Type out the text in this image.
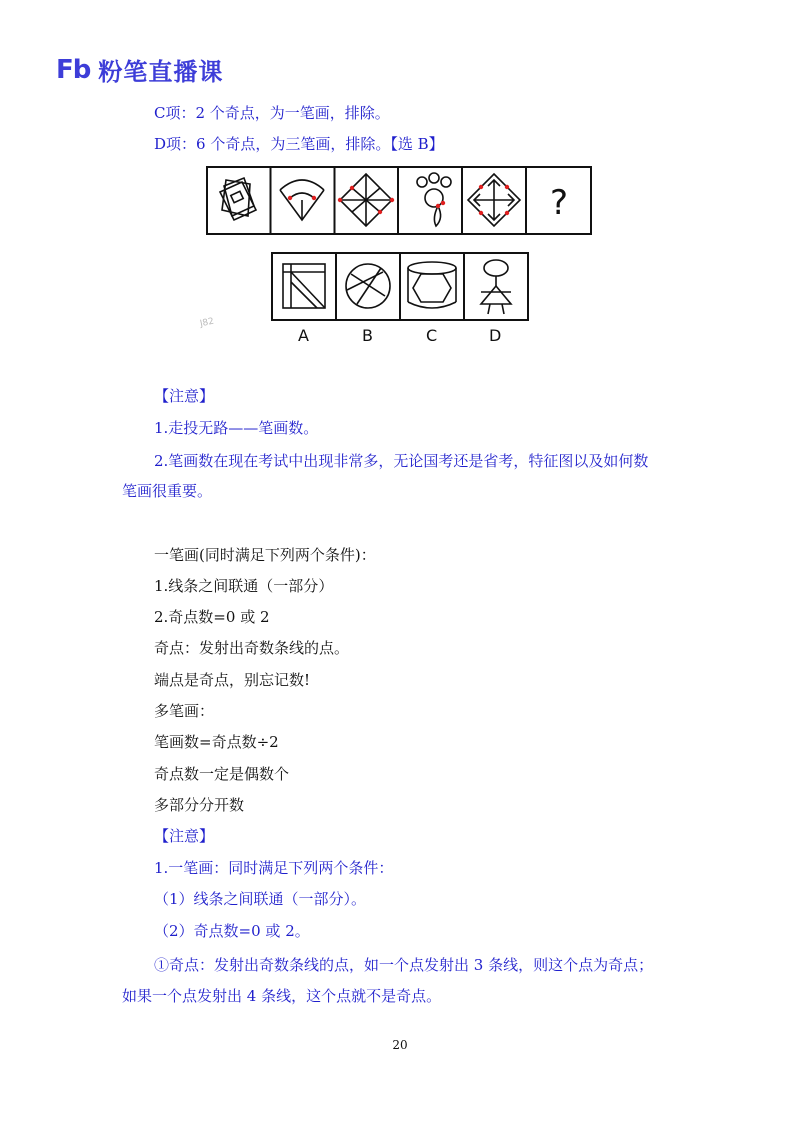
Fb 粉笔直播课
C项：2 个奇点，为一笔画，排除。
D项：6 个奇点，为三笔画，排除。【选 B】
?
A	B	C	D
J82
【注意】
1.走投无路——笔画数。
2.笔画数在现在考试中出现非常多，无论国考还是省考，特征图以及如何数
笔画很重要。
一笔画(同时满足下列两个条件)：
1.线条之间联通（一部分）
2.奇点数=0 或 2
奇点：发射出奇数条线的点。
端点是奇点，别忘记数!
多笔画：
笔画数=奇点数÷2
奇点数一定是偶数个
多部分分开数
【注意】
1.一笔画：同时满足下列两个条件：
（1）线条之间联通（一部分）。
（2）奇点数=0 或 2。
①奇点：发射出奇数条线的点，如一个点发射出 3 条线，则这个点为奇点；
如果一个点发射出 4 条线，这个点就不是奇点。
20
